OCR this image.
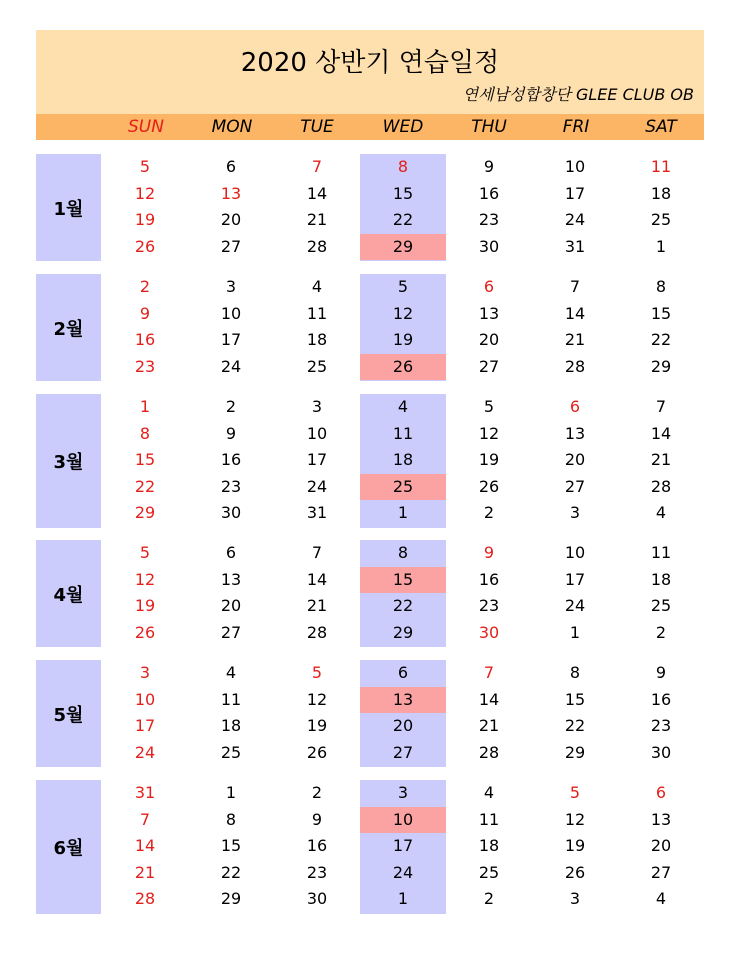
2020 상반기 연습일정
연세남성합창단 GLEE CLUB OB
SUN	MON	TUE	WED	THU	FRI	SAT
1월
5	6	7	8	9	10	11
12	13	14	15	16	17	18
19	20	21	22	23	24	25
26	27	28	29	30	31	1
2월
2	3	4	5	6	7	8
9	10	11	12	13	14	15
16	17	18	19	20	21	22
23	24	25	26	27	28	29
3월
1	2	3	4	5	6	7
8	9	10	11	12	13	14
15	16	17	18	19	20	21
22	23	24	25	26	27	28
29	30	31	1	2	3	4
4월
5	6	7	8	9	10	11
12	13	14	15	16	17	18
19	20	21	22	23	24	25
26	27	28	29	30	1	2
5월
3	4	5	6	7	8	9
10	11	12	13	14	15	16
17	18	19	20	21	22	23
24	25	26	27	28	29	30
6월
31	1	2	3	4	5	6
7	8	9	10	11	12	13
14	15	16	17	18	19	20
21	22	23	24	25	26	27
28	29	30	1	2	3	4
